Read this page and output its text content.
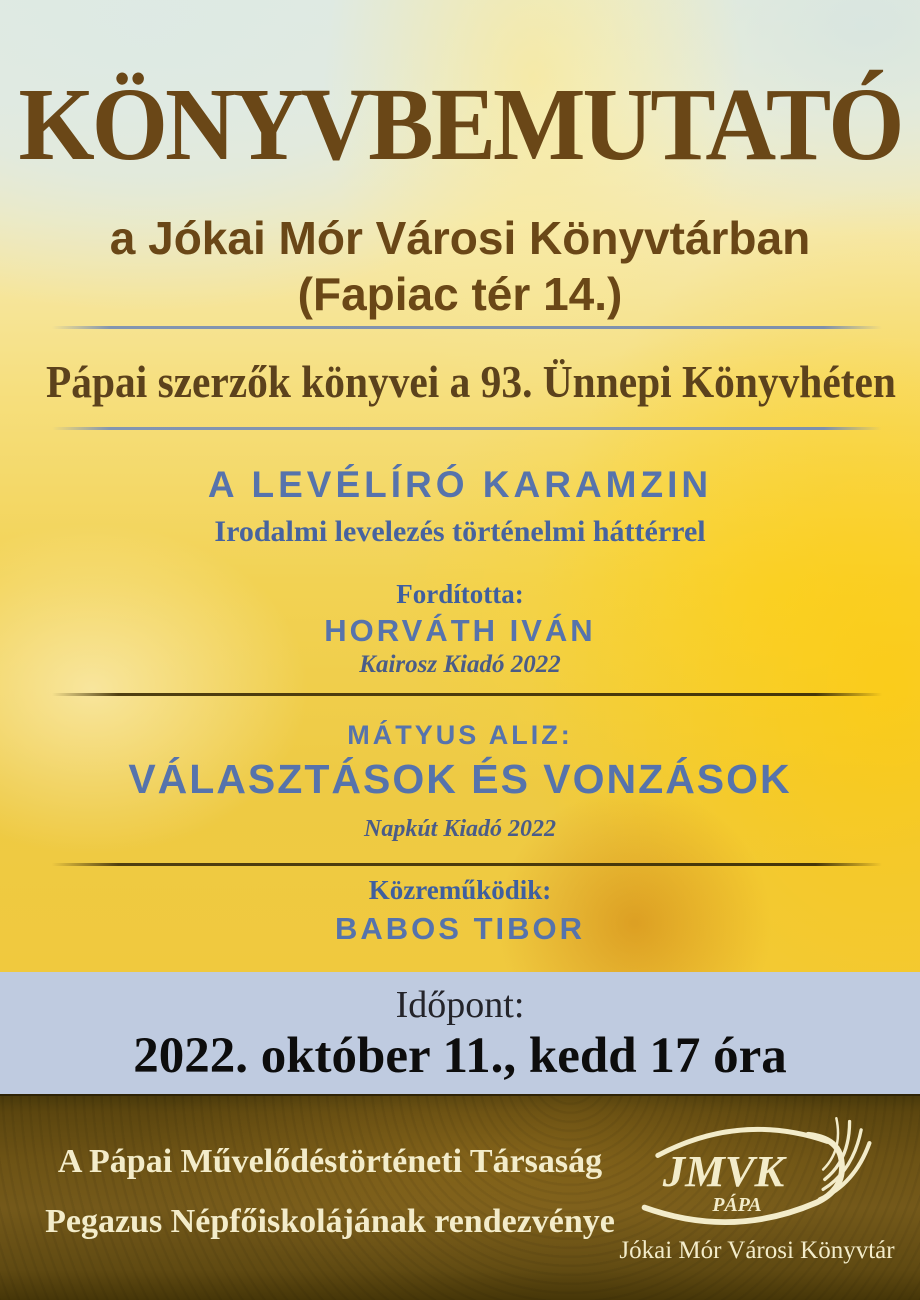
KÖNYVBEMUTATÓ
a Jókai Mór Városi Könyvtárban
(Fapiac tér 14.)
Pápai szerzők könyvei a 93. Ünnepi Könyvhéten
A LEVÉLÍRÓ KARAMZIN
Irodalmi levelezés történelmi háttérrel
Fordította:
HORVÁTH IVÁN
Kairosz Kiadó 2022
MÁTYUS ALIZ:
VÁLASZTÁSOK ÉS VONZÁSOK
Napkút Kiadó 2022
Közreműködik:
BABOS TIBOR
Időpont:
2022. október 11., kedd 17 óra
A Pápai Művelődéstörténeti Társaság
Pegazus Népfőiskolájának rendezvénye
JMVK
PÁPA
Jókai Mór Városi Könyvtár
